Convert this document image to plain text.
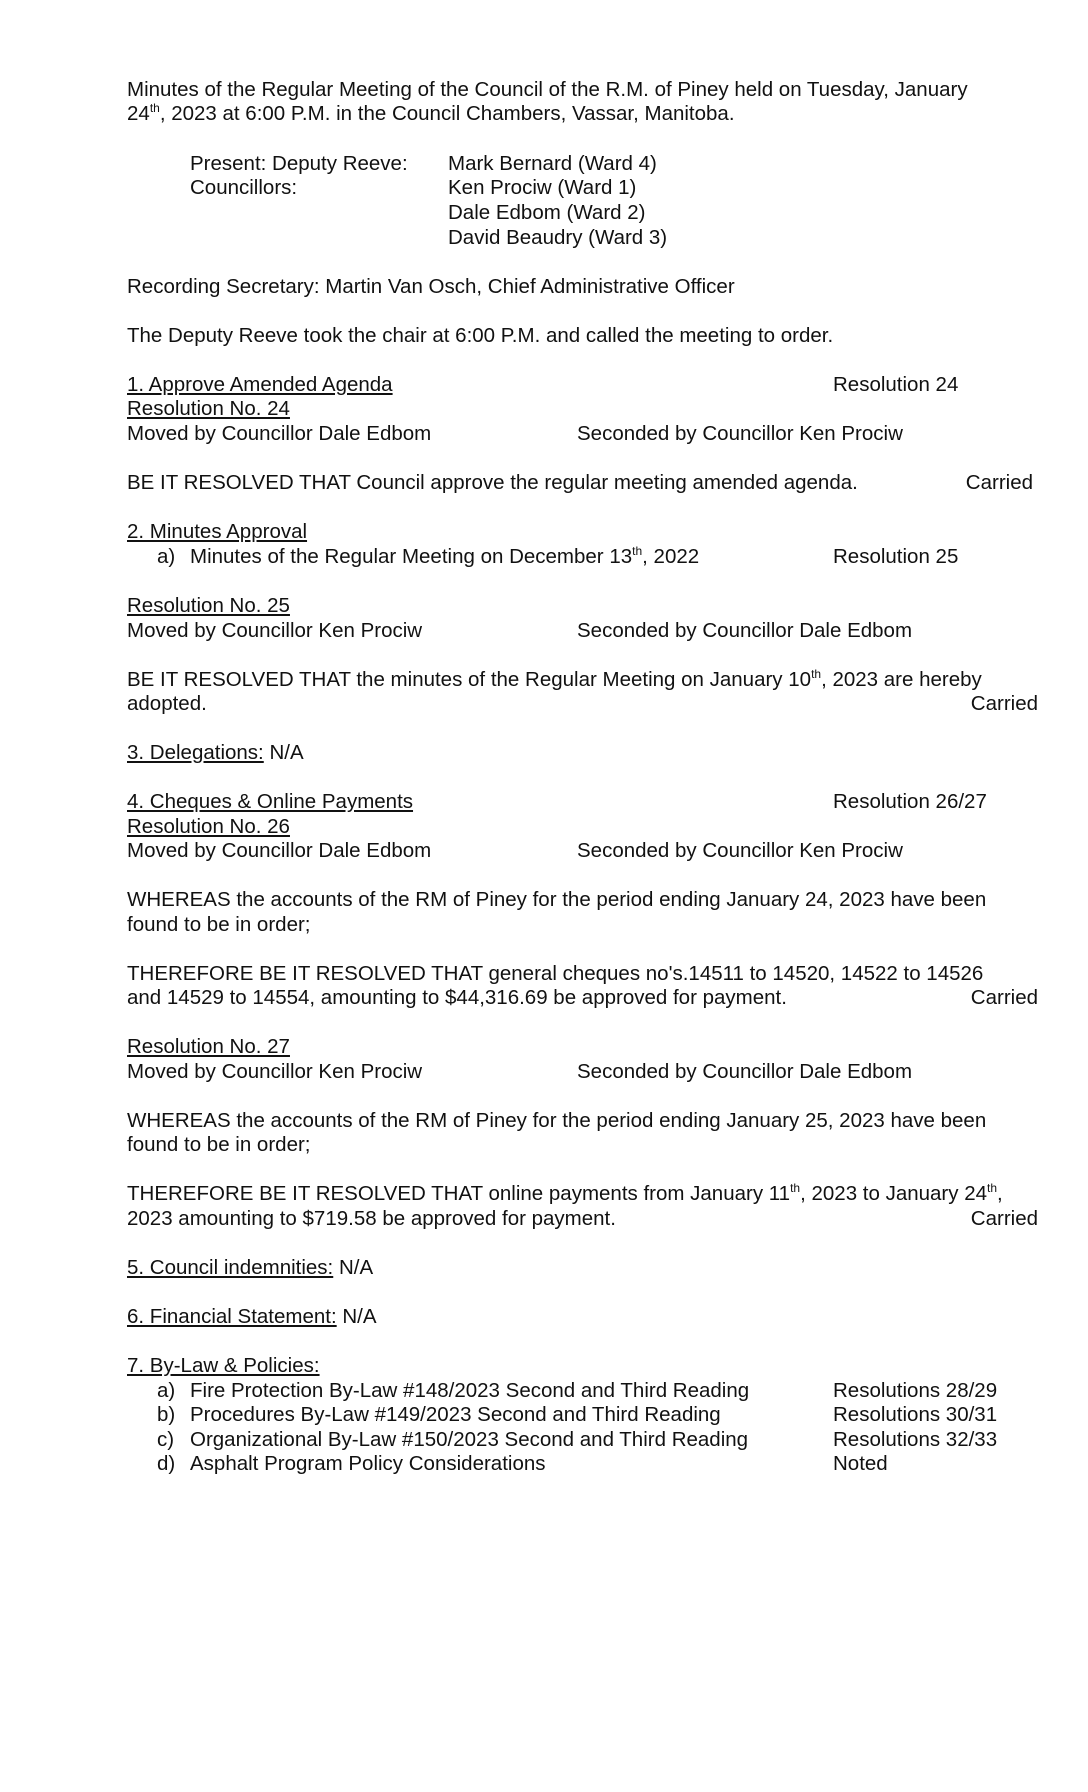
Minutes of the Regular Meeting of the Council of the R.M. of Piney held on Tuesday, January
24th, 2023 at 6:00 P.M. in the Council Chambers, Vassar, Manitoba.
Present: Deputy Reeve: Mark Bernard (Ward 4)
Councillors:	Ken Prociw (Ward 1)
Dale Edbom (Ward 2)
David Beaudry (Ward 3)
Recording Secretary: Martin Van Osch, Chief Administrative Officer
The Deputy Reeve took the chair at 6:00 P.M. and called the meeting to order.
1. Approve Amended Agenda	Resolution 24
Resolution No. 24
Moved by Councillor Dale Edbom	Seconded by Councillor Ken Prociw
BE IT RESOLVED THAT Council approve the regular meeting amended agenda.	Carried
2. Minutes Approval
a) Minutes of the Regular Meeting on December 13th, 2022	Resolution 25
Resolution No. 25
Moved by Councillor Ken Prociw	Seconded by Councillor Dale Edbom
BE IT RESOLVED THAT the minutes of the Regular Meeting on January 10th, 2023 are hereby
adopted.	Carried
3. Delegations: N/A
4. Cheques & Online Payments	Resolution 26/27
Resolution No. 26
Moved by Councillor Dale Edbom	Seconded by Councillor Ken Prociw
WHEREAS the accounts of the RM of Piney for the period ending January 24, 2023 have been
found to be in order;
THEREFORE BE IT RESOLVED THAT general cheques no's.14511 to 14520, 14522 to 14526
and 14529 to 14554, amounting to $44,316.69 be approved for payment.	Carried
Resolution No. 27
Moved by Councillor Ken Prociw	Seconded by Councillor Dale Edbom
WHEREAS the accounts of the RM of Piney for the period ending January 25, 2023 have been
found to be in order;
THEREFORE BE IT RESOLVED THAT online payments from January 11th, 2023 to January 24th,
2023 amounting to $719.58 be approved for payment.	Carried
5. Council indemnities: N/A
6. Financial Statement: N/A
7. By-Law & Policies:
a) Fire Protection By-Law #148/2023 Second and Third Reading	Resolutions 28/29
b) Procedures By-Law #149/2023 Second and Third Reading	Resolutions 30/31
c) Organizational By-Law #150/2023 Second and Third Reading	Resolutions 32/33
d) Asphalt Program Policy Considerations	Noted
